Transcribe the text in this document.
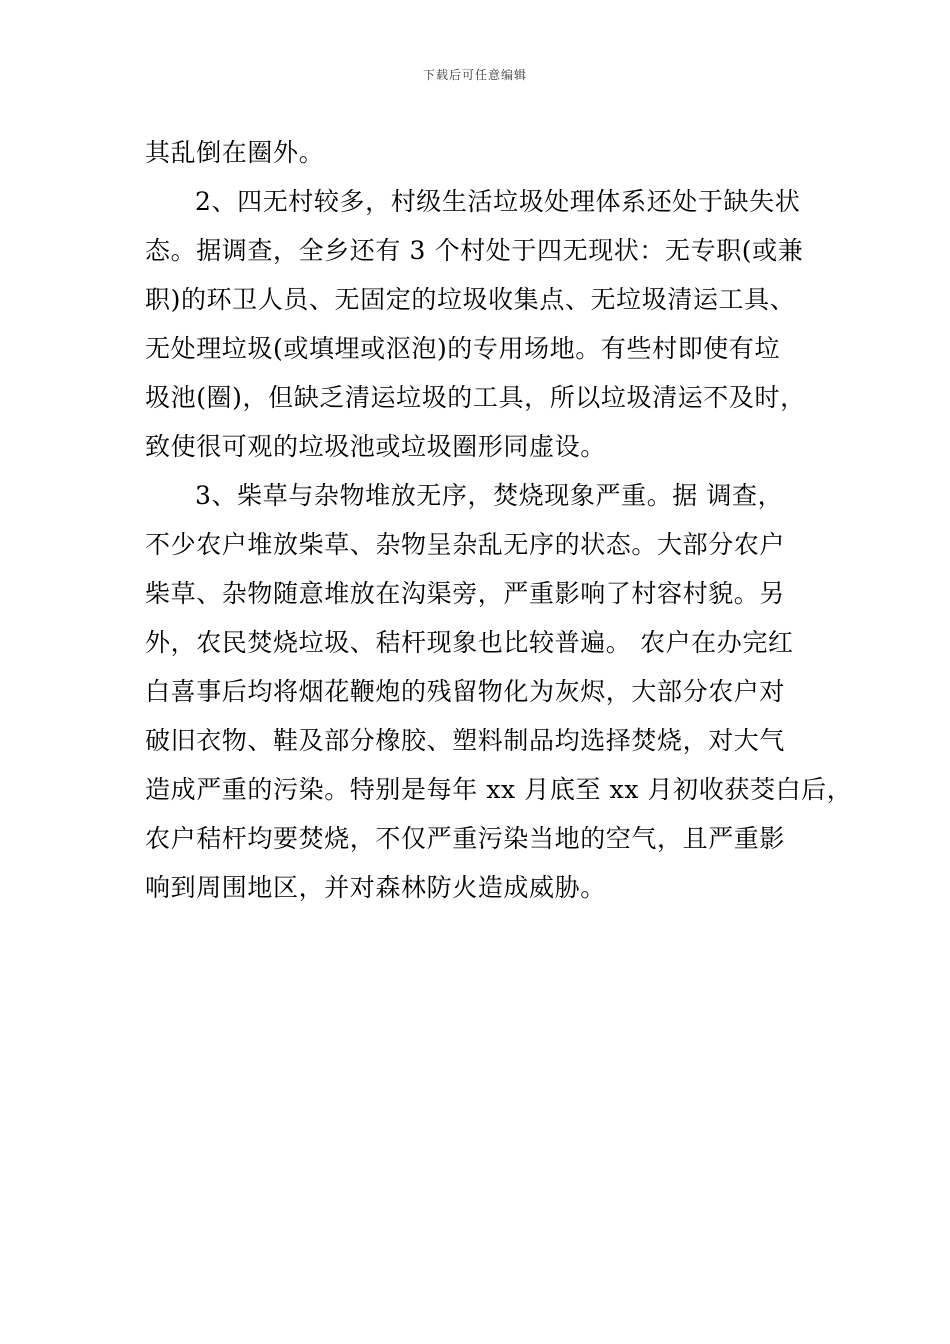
下载后可任意编辑
其乱倒在圈外。
2、四无村较多，村级生活垃圾处理体系还处于缺失状
态。据调查，全乡还有 3 个村处于四无现状：无专职(或兼
职)的环卫人员、无固定的垃圾收集点、无垃圾清运工具、
无处理垃圾(或填埋或沤泡)的专用场地。有些村即使有垃
圾池(圈)，但缺乏清运垃圾的工具，所以垃圾清运不及时，
致使很可观的垃圾池或垃圾圈形同虚设。
3、柴草与杂物堆放无序，焚烧现象严重。据 调查，
不少农户堆放柴草、杂物呈杂乱无序的状态。大部分农户
柴草、杂物随意堆放在沟渠旁，严重影响了村容村貌。另
外，农民焚烧垃圾、秸杆现象也比较普遍。 农户在办完红
白喜事后均将烟花鞭炮的残留物化为灰烬，大部分农户对
破旧衣物、鞋及部分橡胶、塑料制品均选择焚烧，对大气
造成严重的污染。特别是每年 xx 月底至 xx 月初收获茭白后，
农户秸杆均要焚烧，不仅严重污染当地的空气，且严重影
响到周围地区，并对森林防火造成威胁。
